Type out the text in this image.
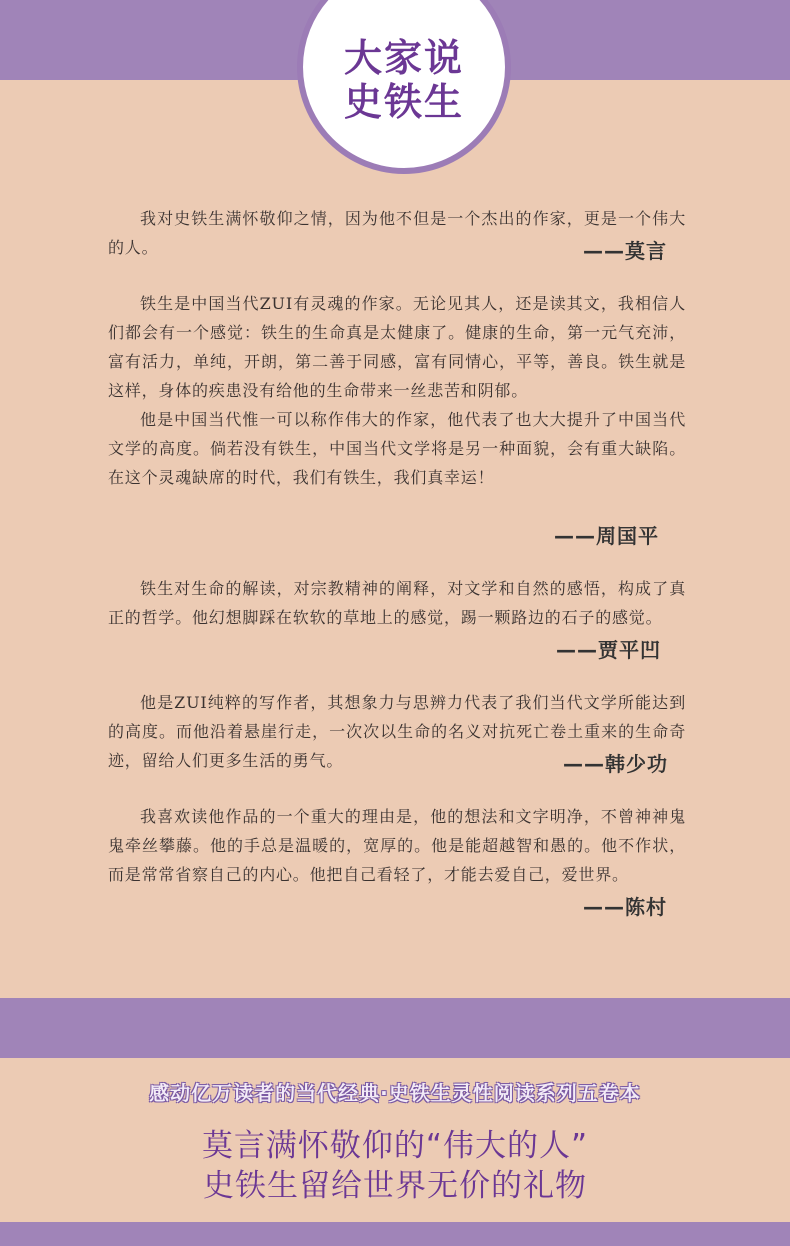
大家说
史铁生

我对史铁生满怀敬仰之情，因为他不但是一个杰出的作家，更是一个伟大的人。	——莫言

铁生是中国当代ZUI有灵魂的作家。无论见其人，还是读其文，我相信人们都会有一个感觉：铁生的生命真是太健康了。健康的生命，第一元气充沛，富有活力，单纯，开朗，第二善于同感，富有同情心，平等，善良。铁生就是这样，身体的疾患没有给他的生命带来一丝悲苦和阴郁。

他是中国当代惟一可以称作伟大的作家，他代表了也大大提升了中国当代文学的高度。倘若没有铁生，中国当代文学将是另一种面貌，会有重大缺陷。在这个灵魂缺席的时代，我们有铁生，我们真幸运！

——周国平

铁生对生命的解读，对宗教精神的阐释，对文学和自然的感悟，构成了真正的哲学。他幻想脚踩在软软的草地上的感觉，踢一颗路边的石子的感觉。

——贾平凹

他是ZUI纯粹的写作者，其想象力与思辨力代表了我们当代文学所能达到的高度。而他沿着悬崖行走，一次次以生命的名义对抗死亡卷土重来的生命奇迹，留给人们更多生活的勇气。	——韩少功

我喜欢读他作品的一个重大的理由是，他的想法和文字明净，不曾神神鬼鬼牵丝攀藤。他的手总是温暖的，宽厚的。他是能超越智和愚的。他不作状，而是常常省察自己的内心。他把自己看轻了，才能去爱自己，爱世界。

——陈村
感动亿万读者的当代经典·史铁生灵性阅读系列五卷本
莫言满怀敬仰的“伟大的人”
史铁生留给世界无价的礼物
